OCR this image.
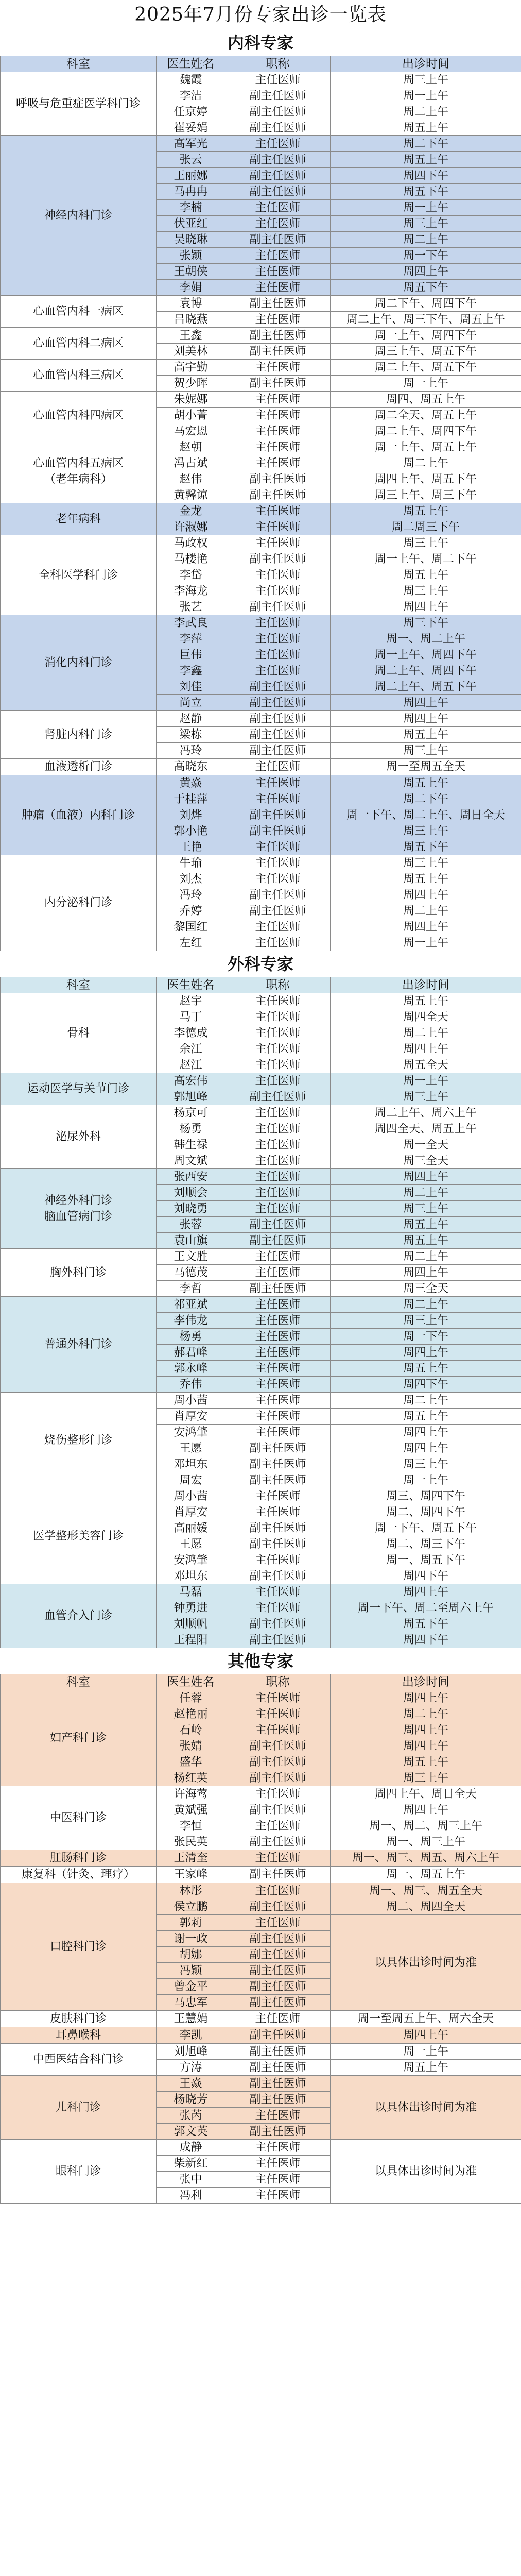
2025年7月份专家出诊一览表
内科专家
科室	医生姓名	职称	出诊时间
呼吸与危重症医学科门诊	魏霞	主任医师	周三上午
	李洁	副主任医师	周一上午
	任京婷	副主任医师	周二上午
	崔妥娟	副主任医师	周五上午
神经内科门诊	高军光	主任医师	周二下午
	张云	副主任医师	周五上午
	王丽娜	副主任医师	周四下午
	马冉冉	副主任医师	周五下午
	李楠	主任医师	周一上午
	伏亚红	主任医师	周三上午
	吴晓琳	副主任医师	周二上午
	张颖	主任医师	周一下午
	王朝侠	主任医师	周四上午
	李娟	主任医师	周五下午
心血管内科一病区	袁博	副主任医师	周二下午、周四下午
	吕晓燕	主任医师	周二上午、周三下午、周五上午
心血管内科二病区	王鑫	副主任医师	周一上午、周四下午
	刘美林	副主任医师	周三上午、周五下午
心血管内科三病区	高宇勤	主任医师	周二上午、周五下午
	贺少晖	副主任医师	周一上午
心血管内科四病区	朱妮娜	主任医师	周四、周五上午
	胡小菁	主任医师	周二全天、周五上午
	马宏恩	主任医师	周二上午、周四下午
心血管内科五病区
（老年病科）	赵朝	主任医师	周一上午、周五上午
	冯占斌	主任医师	周二上午
	赵伟	副主任医师	周四上午、周五下午
	黄馨谅	副主任医师	周三上午、周三下午
老年病科	金龙	主任医师	周五上午
	许淑娜	主任医师	周二周三下午
全科医学科门诊	马政权	主任医师	周三上午
	马楼艳	副主任医师	周一上午、周二下午
	李岱	主任医师	周五上午
	李海龙	主任医师	周三上午
	张艺	副主任医师	周四上午
消化内科门诊	李武良	主任医师	周三下午
	李萍	主任医师	周一、周二上午
	巨伟	主任医师	周一上午、周四下午
	李鑫	主任医师	周二上午、周四下午
	刘佳	副主任医师	周二上午、周五下午
	尚立	副主任医师	周四上午
肾脏内科门诊	赵静	副主任医师	周四上午
	梁栋	副主任医师	周五上午
	冯玲	副主任医师	周三上午
血液透析门诊	高晓东	主任医师	周一至周五全天
肿瘤（血液）内科门诊	黄焱	主任医师	周五上午
	于桂萍	主任医师	周二下午
	刘烨	副主任医师	周一下午、周二上午、周日全天
	郭小艳	副主任医师	周三上午
	王艳	主任医师	周五下午
内分泌科门诊	牛瑜	主任医师	周三上午
	刘杰	主任医师	周五上午
	冯玲	副主任医师	周四上午
	乔婷	副主任医师	周二上午
	黎国红	主任医师	周四上午
	左红	主任医师	周一上午
外科专家
科室	医生姓名	职称	出诊时间
骨科	赵宇	主任医师	周五上午
	马丁	主任医师	周四全天
	李德成	主任医师	周二上午
	余江	主任医师	周四上午
	赵江	主任医师	周五全天
运动医学与关节门诊	高宏伟	主任医师	周一上午
	郭旭峰	副主任医师	周三上午
泌尿外科	杨京可	主任医师	周二上午、周六上午
	杨勇	主任医师	周四全天、周五上午
	韩生禄	主任医师	周一全天
	周文斌	主任医师	周三全天
神经外科门诊
脑血管病门诊	张西安	主任医师	周四上午
	刘顺会	主任医师	周二上午
	刘晓勇	主任医师	周三上午
	张蓉	副主任医师	周五上午
	袁山旗	副主任医师	周五上午
胸外科门诊	王文胜	主任医师	周二上午
	马德茂	主任医师	周四上午
	李哲	副主任医师	周三全天
普通外科门诊	祁亚斌	主任医师	周二上午
	李伟龙	主任医师	周三上午
	杨勇	主任医师	周一下午
	郝君峰	主任医师	周四上午
	郭永峰	主任医师	周五上午
	乔伟	主任医师	周四下午
烧伤整形门诊	周小茜	主任医师	周二上午
	肖厚安	主任医师	周五上午
	安鸿肇	主任医师	周四上午
	王愿	副主任医师	周四上午
	邓坦东	副主任医师	周三上午
	周宏	副主任医师	周一上午
医学整形美容门诊	周小茜	主任医师	周三、周四下午
	肖厚安	主任医师	周二、周四下午
	高丽媛	副主任医师	周一下午、周五下午
	王愿	副主任医师	周二、周三下午
	安鸿肇	主任医师	周一、周五下午
	邓坦东	副主任医师	周四下午
血管介入门诊	马磊	主任医师	周四上午
	钟勇进	主任医师	周一下午、周二至周六上午
	刘顺帆	副主任医师	周五下午
	王程阳	副主任医师	周四下午
其他专家
科室	医生姓名	职称	出诊时间
妇产科门诊	任蓉	主任医师	周四上午
	赵艳丽	主任医师	周二上午
	石岭	主任医师	周四上午
	张婧	副主任医师	周四上午
	盛华	副主任医师	周五上午
	杨红英	副主任医师	周三上午
中医科门诊	许海莺	主任医师	周四上午、周日全天
	黄斌强	副主任医师	周四上午
	李恒	主任医师	周一、周二、周三上午
	张民英	副主任医师	周一、周三上午
肛肠科门诊	王清奎	主任医师	周一、周三、周五、周六上午
康复科（针灸、理疗）	王家峰	副主任医师	周一、周五上午
口腔科门诊	林彤	主任医师	周一、周三、周五全天
	侯立鹏	副主任医师	周二、周四全天
	郭莉	主任医师	以具体出诊时间为准
	谢一政	副主任医师	
	胡娜	副主任医师	
	冯颖	副主任医师	
	曾金平	副主任医师	
	马忠军	副主任医师	
皮肤科门诊	王慧娟	主任医师	周一至周五上午、周六全天
耳鼻喉科	李凯	副主任医师	周四上午
中西医结合科门诊	刘旭峰	副主任医师	周一上午
	方涛	副主任医师	周五上午
儿科门诊	王焱	副主任医师	以具体出诊时间为准
	杨晓芳	副主任医师	
	张芮	主任医师	
	郭文英	副主任医师	
眼科门诊	成静	主任医师	以具体出诊时间为准
	柴新红	主任医师	
	张中	主任医师	
	冯利	主任医师	
